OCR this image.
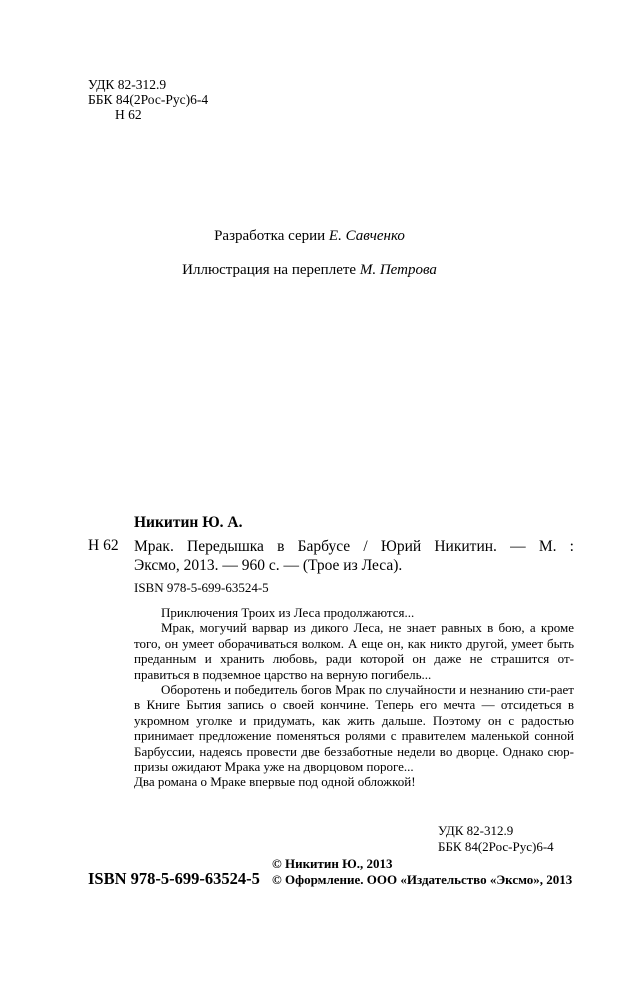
УДК 82-312.9
ББК 84(2Рос-Рус)6-4
Н 62
Разработка серии Е. Савченко
Иллюстрация на переплете М. Петрова
Никитин Ю. А.
Н 62 Мрак. Передышка в Барбусе / Юрий Никитин. — М. :
Эксмо, 2013. — 960 с. — (Трое из Леса).
ISBN 978-5-699-63524-5

Приключения Троих из Леса продолжаются...

Мрак, могучий варвар из дикого Леса, не знает равных в бою, а кроме того, он умеет оборачиваться волком. А еще он, как никто другой, умеет быть преданным и хранить любовь, ради которой он даже не страшится от-

правиться в подземное царство на верную погибель...

Оборотень и победитель богов Мрак по случайности и незнанию сти-рает в Книге Бытия запись о своей кончине. Теперь его мечта — отсидеться в укромном уголке и придумать, как жить дальше. Поэтому он с радостью принимает предложение поменяться ролями с правителем маленькой сонной Барбуссии, надеясь провести две беззаботные недели во дворце. Однако сюр-

призы ожидают Мрака уже на дворцовом пороге...

Два романа о Мраке впервые под одной обложкой!

УДК 82-312.9
ББК 84(2Рос-Рус)6-4
© Никитин Ю., 2013
ISBN 978-5-699-63524-5 © Оформление. ООО «Издательство «Эксмо», 2013
